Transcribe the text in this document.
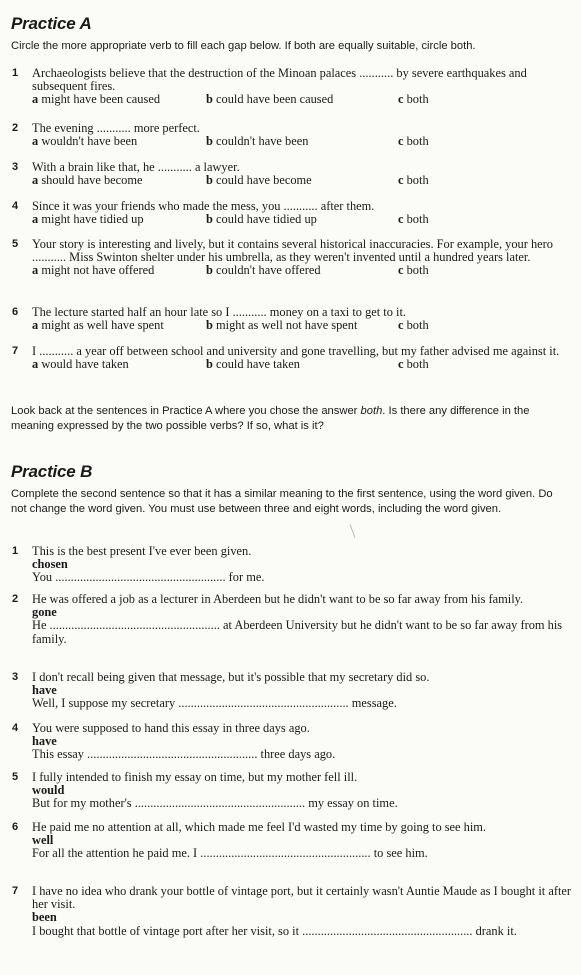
Practice A
Circle the more appropriate verb to fill each gap below. If both are equally suitable, circle both.
1 Archaeologists believe that the destruction of the Minoan palaces ........... by severe earthquakes and subsequent fires.
a might have been caused	b could have been caused	c both
2 The evening ........... more perfect.
a wouldn't have been	b couldn't have been	c both
3 With a brain like that, he ........... a lawyer.
a should have become	b could have become	c both
4 Since it was your friends who made the mess, you ........... after them.
a might have tidied up	b could have tidied up	c both
5 Your story is interesting and lively, but it contains several historical inaccuracies. For example, your hero ........... Miss Swinton shelter under his umbrella, as they weren't invented until a hundred years later.
a might not have offered	b couldn't have offered	c both
6 The lecture started half an hour late so I ........... money on a taxi to get to it.
a might as well have spent	b might as well not have spent	c both
7 I ........... a year off between school and university and gone travelling, but my father advised me against it.
a would have taken	b could have taken	c both
Look back at the sentences in Practice A where you chose the answer both. Is there any difference in the meaning expressed by the two possible verbs? If so, what is it?
Practice B
Complete the second sentence so that it has a similar meaning to the first sentence, using the word given. Do not change the word given. You must use between three and eight words, including the word given.
1 This is the best present I've ever been given.
chosen
You ....................................................... for me.
2 He was offered a job as a lecturer in Aberdeen but he didn't want to be so far away from his family.
gone
He ....................................................... at Aberdeen University but he didn't want to be so far away from his family.
3 I don't recall being given that message, but it's possible that my secretary did so.
have
Well, I suppose my secretary ....................................................... message.
4 You were supposed to hand this essay in three days ago.
have
This essay ....................................................... three days ago.
5 I fully intended to finish my essay on time, but my mother fell ill.
would
But for my mother's ....................................................... my essay on time.
6 He paid me no attention at all, which made me feel I'd wasted my time by going to see him.
well
For all the attention he paid me. I ....................................................... to see him.
7 I have no idea who drank your bottle of vintage port, but it certainly wasn't Auntie Maude as I bought it after her visit.
been
I bought that bottle of vintage port after her visit, so it ....................................................... drank it.
